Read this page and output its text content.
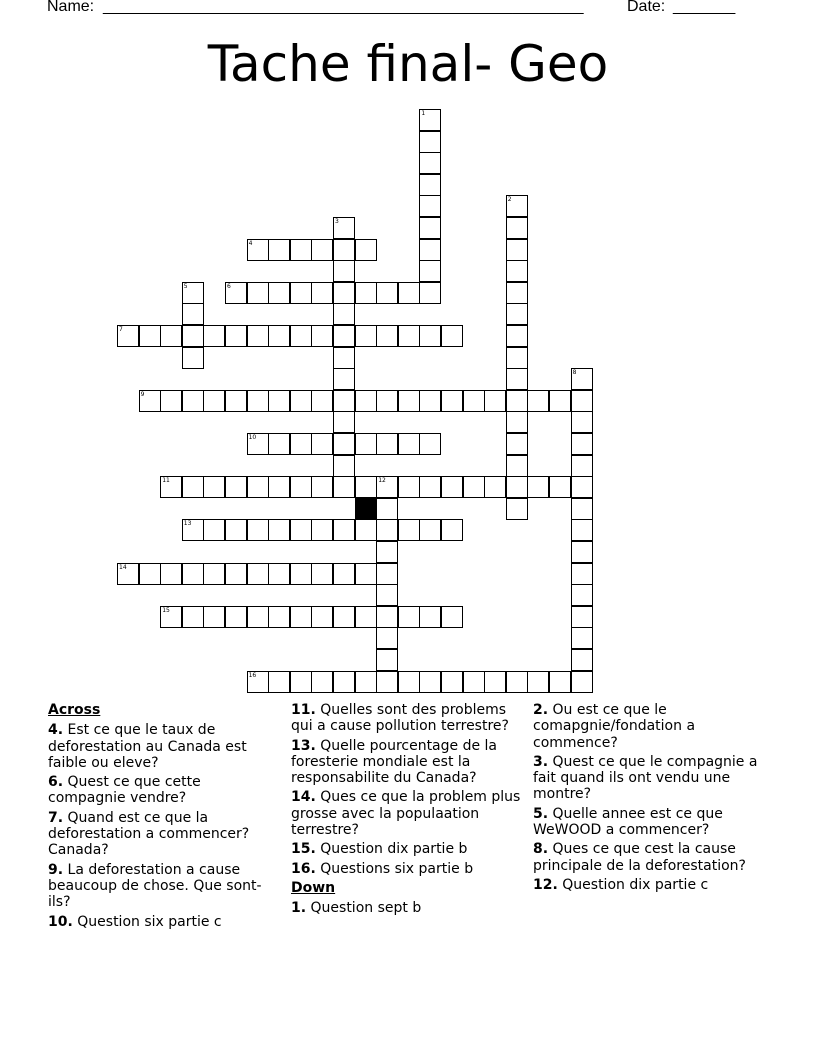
Name: ______________________________________________________	Date: _______
Tache final- Geo
1
2
3
4
5	6
7
8
9
10
11	12
13
14
15
16
Across
4. Est ce que le taux de deforestation au Canada est faible ou eleve?
6. Quest ce que cette compagnie vendre?
7. Quand est ce que la deforestation a commencer? Canada?
9. La deforestation a cause beaucoup de chose. Que sont-ils?
10. Question six partie c
11. Quelles sont des problems qui a cause pollution terrestre?
13. Quelle pourcentage de la foresterie mondiale est la responsabilite du Canada?
14. Ques ce que la problem plus grosse avec la populaation terrestre?
15. Question dix partie b
16. Questions six partie b
Down
1. Question sept b
2. Ou est ce que le comapgnie/fondation a commence?
3. Quest ce que le compagnie a fait quand ils ont vendu une montre?
5. Quelle annee est ce que WeWOOD a commencer?
8. Ques ce que cest la cause principale de la deforestation?
12. Question dix partie c
